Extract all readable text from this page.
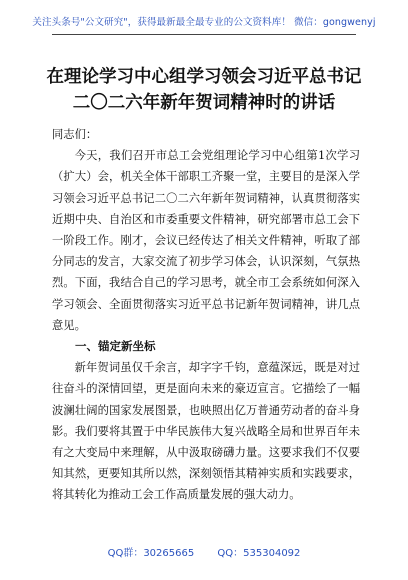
关注头条号"公文研究"，获得最新最全最专业的公文资料库！ 微信：gongwenyj
在理论学习中心组学习领会习近平总书记
二〇二六年新年贺词精神时的讲话

同志们：

今天，我们召开市总工会党组理论学习中心组第1次学习（扩大）会，机关全体干部职工齐聚一堂，主要目的是深入学习领会习近平总书记二〇二六年新年贺词精神，认真贯彻落实近期中央、自治区和市委重要文件精神，研究部署市总工会下一阶段工作。刚才，会议已经传达了相关文件精神，听取了部分同志的发言，大家交流了初步学习体会，认识深刻，气氛热烈。下面，我结合自己的学习思考，就全市工会系统如何深入学习领会、全面贯彻落实习近平总书记新年贺词精神，讲几点意见。

一、锚定新坐标

新年贺词虽仅千余言，却字字千钧，意蕴深远，既是对过往奋斗的深情回望，更是面向未来的豪迈宣言。它描绘了一幅波澜壮阔的国家发展图景，也映照出亿万普通劳动者的奋斗身影。我们要将其置于中华民族伟大复兴战略全局和世界百年未有之大变局中来理解，从中汲取磅礴力量。这要求我们不仅要知其然，更要知其所以然，深刻领悟其精神实质和实践要求，将其转化为推动工会工作高质量发展的强大动力。

QQ群：30265665 QQ：535304092
